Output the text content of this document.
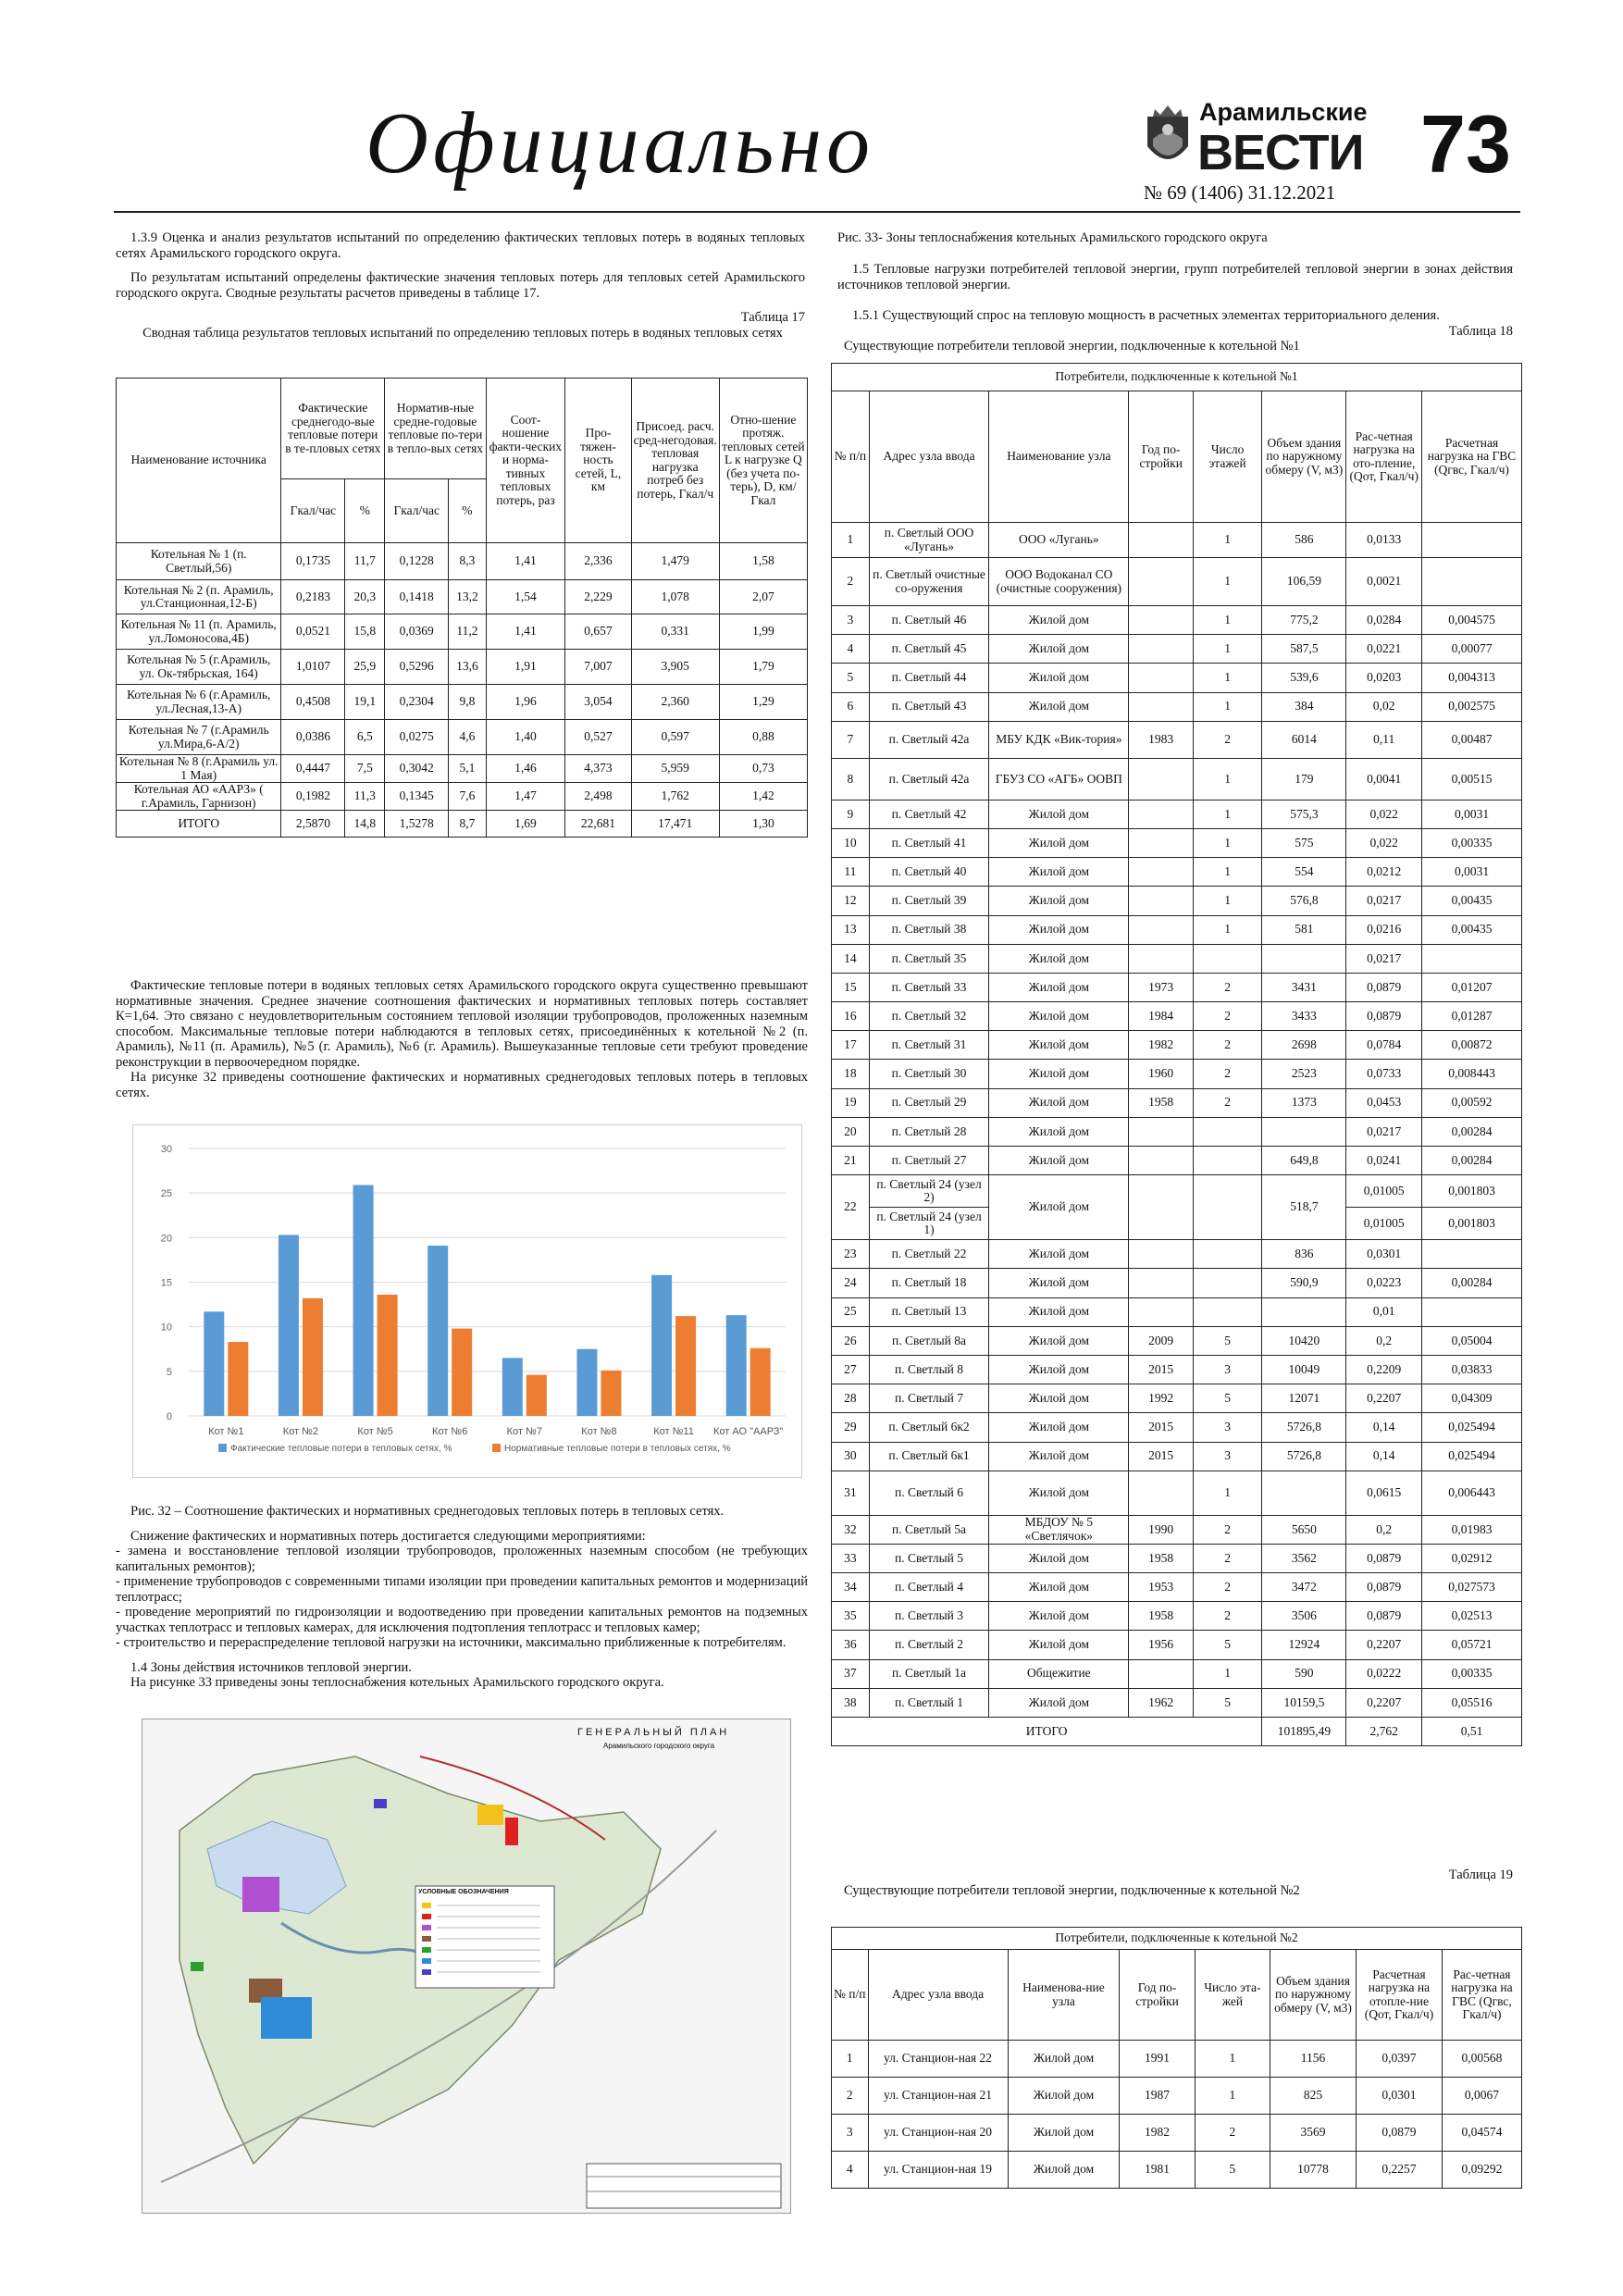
Официально	Арамильские
ВЕСТИ
№ 69 (1406) 31.12.2021
73

1.3.9 Оценка и анализ результатов испытаний по определению фактических тепловых потерь в водяных тепловых сетях Арамильского городского округа.

По результатам испытаний определены фактические значения тепловых потерь для тепловых сетей Арамильского городского округа. Сводные результаты расчетов приведены в таблице 17.

Таблица 17
Сводная таблица результатов тепловых испытаний по определению тепловых потерь в водяных тепловых сетях
Наименование источника	Фактические среднегодо-вые тепловые потери в те-пловых сетях		Норматив-ные средне-годовые тепловые по-тери в тепло-вых сетях		Соот-ношение факти-ческих и норма-тивных тепловых потерь, раз	Про-тяжен-ность сетей, L, км	Присоед. расч. сред-негодовая. тепловая нагрузка потреб без потерь, Гкал/ч	Отно-шение протяж. тепловых сетей L к нагрузке Q (без учета по-терь), D, км/Гкал
	Гкал/час	%	Гкал/час	%				
Котельная № 1 (п. Светлый,56)	0,1735	11,7	0,1228	8,3	1,41	2,336	1,479	1,58
Котельная № 2 (п. Арамиль, ул.Станционная,12-Б)	0,2183	20,3	0,1418	13,2	1,54	2,229	1,078	2,07
Котельная № 11 (п. Арамиль, ул.Ломоносова,4Б)	0,0521	15,8	0,0369	11,2	1,41	0,657	0,331	1,99
Котельная № 5 (г.Арамиль, ул. Ок-тябрьская, 164)	1,0107	25,9	0,5296	13,6	1,91	7,007	3,905	1,79
Котельная № 6 (г.Арамиль, ул.Лесная,13-А)	0,4508	19,1	0,2304	9,8	1,96	3,054	2,360	1,29
Котельная № 7 (г.Арамиль ул.Мира,6-А/2)	0,0386	6,5	0,0275	4,6	1,40	0,527	0,597	0,88
Котельная № 8 (г.Арамиль ул. 1 Мая)	0,4447	7,5	0,3042	5,1	1,46	4,373	5,959	0,73
Котельная АО «ААРЗ» ( г.Арамиль, Гарнизон)	0,1982	11,3	0,1345	7,6	1,47	2,498	1,762	1,42
ИТОГО	2,5870	14,8	1,5278	8,7	1,69	22,681	17,471	1,30

Фактические тепловые потери в водяных тепловых сетях Арамильского городского округа существенно превышают нормативные значения. Среднее значение соотношения фактических и нормативных тепловых потерь составляет К=1,64. Это связано с неудовлетворительным состоянием тепловой изоляции трубопроводов, проложенных наземным способом. Максимальные тепловые потери наблюдаются в тепловых сетях, присоединённых к котельной №2 (п. Арамиль), №11 (п. Арамиль), №5 (г. Арамиль), №6 (г. Арамиль). Вышеуказанные тепловые сети требуют проведение реконструкции в первоочередном порядке.

На рисунке 32 приведены соотношение фактических и нормативных среднегодовых тепловых потерь в тепловых сетях.

0
5
10
15
20
25
30
Кот №1	Кот №2	Кот №5	Кот №6	Кот №7	Кот №8	Кот №11 Кот АО "ААРЗ"
Фактические тепловые потери в тепловых сетях, %	Нормативные тепловые потери в тепловых сетях, %

Рис. 32 – Соотношение фактических и нормативных среднегодовых тепловых потерь в тепловых сетях.

Снижение фактических и нормативных потерь достигается следующими мероприятиями:

- замена и восстановление тепловой изоляции трубопроводов, проложенных наземным способом (не требующих капитальных ремонтов);
- применение трубопроводов с современными типами изоляции при проведении капитальных ремонтов и модернизаций теплотрасс;
- проведение мероприятий по гидроизоляции и водоотведению при проведении капитальных ремонтов на подземных участках теплотрасс и тепловых камерах, для исключения подтопления теплотрасс и тепловых камер;
- строительство и перераспределение тепловой нагрузки на источники, максимально приближенные к потребителям.

1.4 Зоны действия источников тепловой энергии.

На рисунке 33 приведены зоны теплоснабжения котельных Арамильского городского округа.

ГЕНЕРАЛЬНЫЙ ПЛАН
Арамильского городского округа
УСЛОВНЫЕ ОБОЗНАЧЕНИЯ
Рис. 33- Зоны теплоснабжения котельных Арамильского городского округа

1.5 Тепловые нагрузки потребителей тепловой энергии, групп потребителей тепловой энергии в зонах действия источников тепловой энергии.

1.5.1 Существующий спрос на тепловую мощность в расчетных элементах территориального деления.

Таблица 18
Существующие потребители тепловой энергии, подключенные к котельной №1
Потребители, подключенные к котельной №1							
№ п/п	Адрес узла ввода	Наименование узла	Год по-стройки	Число этажей	Объем здания по наружному обмеру (V, м3)	Рас-четная нагрузка на ото-пление, (Qот, Гкал/ч)	Расчетная нагрузка на ГВС (Qгвс, Гкал/ч)
1	п. Светлый ООО «Лугань»	ООО «Лугань»		1	586	0,0133	
2	п. Светлый очистные со-оружения	ООО Водоканал СО (очистные сооружения)		1	106,59	0,0021	
3	п. Светлый 46	Жилой дом		1	775,2	0,0284	0,004575
4	п. Светлый 45	Жилой дом		1	587,5	0,0221	0,00077
5	п. Светлый 44	Жилой дом		1	539,6	0,0203	0,004313
6	п. Светлый 43	Жилой дом		1	384	0,02	0,002575
7	п. Светлый 42а	МБУ КДК «Вик-тория»	1983	2	6014	0,11	0,00487
8	п. Светлый 42а	ГБУЗ СО «АГБ» ООВП		1	179	0,0041	0,00515
9	п. Светлый 42	Жилой дом		1	575,3	0,022	0,0031
10	п. Светлый 41	Жилой дом		1	575	0,022	0,00335
11	п. Светлый 40	Жилой дом		1	554	0,0212	0,0031
12	п. Светлый 39	Жилой дом		1	576,8	0,0217	0,00435
13	п. Светлый 38	Жилой дом		1	581	0,0216	0,00435
14	п. Светлый 35	Жилой дом				0,0217	
15	п. Светлый 33	Жилой дом	1973	2	3431	0,0879	0,01207
16	п. Светлый 32	Жилой дом	1984	2	3433	0,0879	0,01287
17	п. Светлый 31	Жилой дом	1982	2	2698	0,0784	0,00872
18	п. Светлый 30	Жилой дом	1960	2	2523	0,0733	0,008443
19	п. Светлый 29	Жилой дом	1958	2	1373	0,0453	0,00592
20	п. Светлый 28	Жилой дом				0,0217	0,00284
21	п. Светлый 27	Жилой дом			649,8	0,0241	0,00284
22	п. Светлый 24 (узел 2)	Жилой дом			518,7	0,01005	0,001803
	п. Светлый 24 (узел 1)					0,01005	0,001803
23	п. Светлый 22	Жилой дом			836	0,0301	
24	п. Светлый 18	Жилой дом			590,9	0,0223	0,00284
25	п. Светлый 13	Жилой дом				0,01	
26	п. Светлый 8а	Жилой дом	2009	5	10420	0,2	0,05004
27	п. Светлый 8	Жилой дом	2015	3	10049	0,2209	0,03833
28	п. Светлый 7	Жилой дом	1992	5	12071	0,2207	0,04309
29	п. Светлый 6к2	Жилой дом	2015	3	5726,8	0,14	0,025494
30	п. Светлый 6к1	Жилой дом	2015	3	5726,8	0,14	0,025494
31	п. Светлый 6	Жилой дом		1		0,0615	0,006443
32	п. Светлый 5а	МБДОУ № 5 «Светлячок»	1990	2	5650	0,2	0,01983
33	п. Светлый 5	Жилой дом	1958	2	3562	0,0879	0,02912
34	п. Светлый 4	Жилой дом	1953	2	3472	0,0879	0,027573
35	п. Светлый 3	Жилой дом	1958	2	3506	0,0879	0,02513
36	п. Светлый 2	Жилой дом	1956	5	12924	0,2207	0,05721
37	п. Светлый 1а	Общежитие		1	590	0,0222	0,00335
38	п. Светлый 1	Жилой дом	1962	5	10159,5	0,2207	0,05516
ИТОГО					101895,49	2,762	0,51
Таблица 19
Существующие потребители тепловой энергии, подключенные к котельной №2
Потребители, подключенные к котельной №2							
№ п/п	Адрес узла ввода	Наименова-ние узла	Год по-стройки	Число эта-жей	Объем здания по наружному обмеру (V, м3)	Расчетная нагрузка на отопле-ние (Qот, Гкал/ч)	Рас-четная нагрузка на ГВС (Qгвс, Гкал/ч)
1	ул. Станцион-ная 22	Жилой дом	1991	1	1156	0,0397	0,00568
2	ул. Станцион-ная 21	Жилой дом	1987	1	825	0,0301	0,0067
3	ул. Станцион-ная 20	Жилой дом	1982	2	3569	0,0879	0,04574
4	ул. Станцион-ная 19	Жилой дом	1981	5	10778	0,2257	0,09292
